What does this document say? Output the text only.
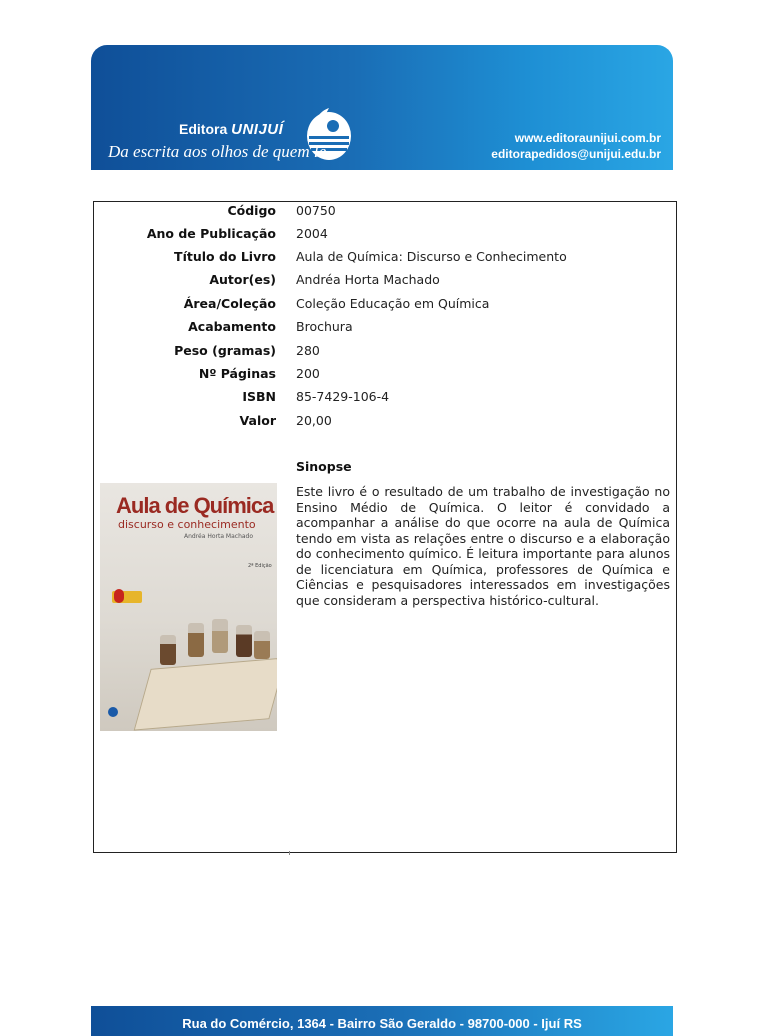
Editora UNIJUÍ
Da escrita aos olhos de quem lê
www.editoraunijui.com.br
editorapedidos@unijui.edu.br
Código 00750
Ano de Publicação 2004
Título do Livro Aula de Química: Discurso e Conhecimento
Autor(es) Andréa Horta Machado
Área/Coleção Coleção Educação em Química
Acabamento Brochura
Peso (gramas) 280
Nº Páginas 200
ISBN 85-7429-106-4
Valor 20,00
Sinopse
Este livro é o resultado de um trabalho de investigação no Ensino Médio de Química. O leitor é convidado a acompanhar a análise do que ocorre na aula de Química tendo em vista as relações entre o discurso e a elaboração do conhecimento químico. É leitura importante para alunos de licenciatura em Química, professores de Química e Ciências e pesquisadores interessados em investigações que consideram a perspectiva histórico-cultural.
Aula de Química
discurso e conhecimento
Andréa Horta Machado
2ª Edição
Rua do Comércio, 1364 - Bairro São Geraldo - 98700-000 - Ijuí RS
